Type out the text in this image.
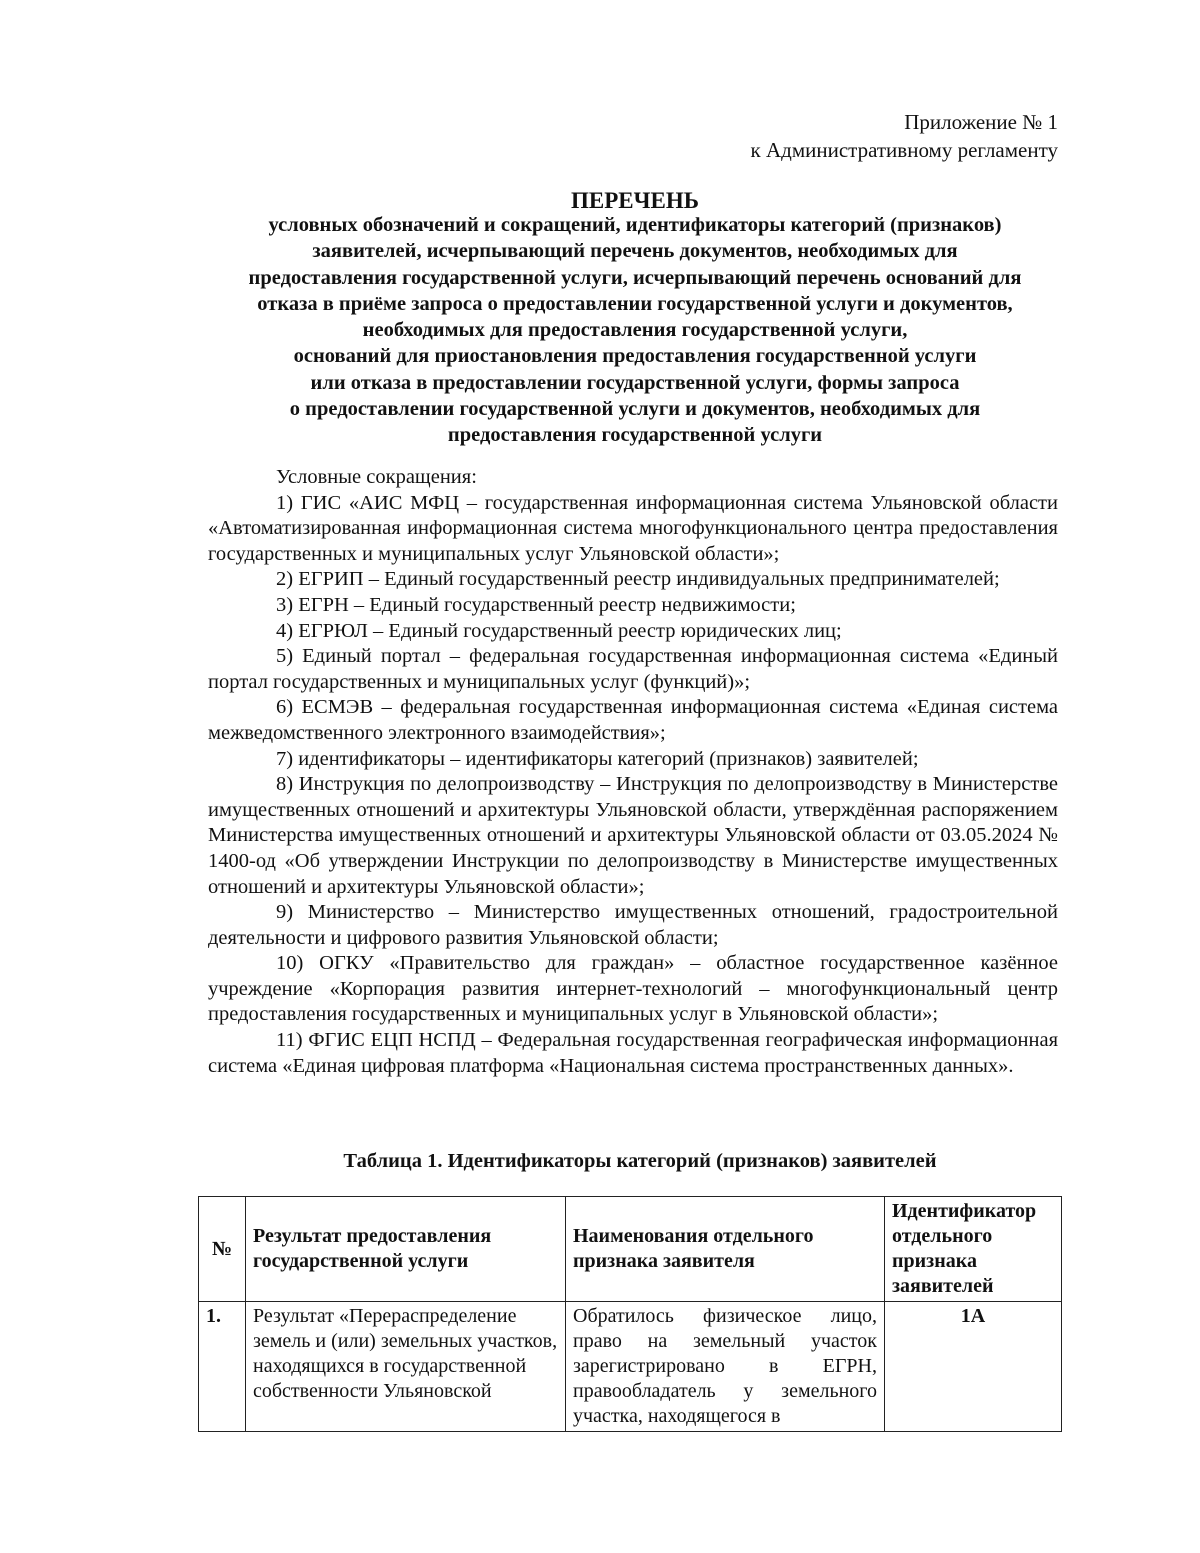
Приложение № 1
к Административному регламенту
ПЕРЕЧЕНЬ
условных обозначений и сокращений, идентификаторы категорий (признаков)
заявителей, исчерпывающий перечень документов, необходимых для
предоставления государственной услуги, исчерпывающий перечень оснований для
отказа в приёме запроса о предоставлении государственной услуги и документов,
необходимых для предоставления государственной услуги,
оснований для приостановления предоставления государственной услуги
или отказа в предоставлении государственной услуги, формы запроса
о предоставлении государственной услуги и документов, необходимых для
предоставления государственной услуги
Условные сокращения:

1) ГИС «АИС МФЦ – государственная информационная система Ульяновской области «Автоматизированная информационная система многофункционального центра предоставления государственных и муниципальных услуг Ульяновской области»;

2) ЕГРИП – Единый государственный реестр индивидуальных предпринимателей;

3) ЕГРН – Единый государственный реестр недвижимости;

4) ЕГРЮЛ – Единый государственный реестр юридических лиц;

5) Единый портал – федеральная государственная информационная система «Единый портал государственных и муниципальных услуг (функций)»;

6) ЕСМЭВ – федеральная государственная информационная система «Единая система межведомственного электронного взаимодействия»;

7) идентификаторы – идентификаторы категорий (признаков) заявителей;

8) Инструкция по делопроизводству – Инструкция по делопроизводству в Министерстве имущественных отношений и архитектуры Ульяновской области, утверждённая распоряжением Министерства имущественных отношений и архитектуры Ульяновской области от 03.05.2024 № 1400-од «Об утверждении Инструкции по делопроизводству в Министерстве имущественных отношений и архитектуры Ульяновской области»;

9) Министерство – Министерство имущественных отношений, градостроительной деятельности и цифрового развития Ульяновской области;

10) ОГКУ «Правительство для граждан» – областное государственное казённое учреждение «Корпорация развития интернет-технологий – многофункциональный центр предоставления государственных и муниципальных услуг в Ульяновской области»;

11) ФГИС ЕЦП НСПД – Федеральная государственная географическая информационная система «Единая цифровая платформа «Национальная система пространственных данных».

Таблица 1. Идентификаторы категорий (признаков) заявителей
№	Результат предоставления государственной услуги	Наименования отдельного признака заявителя	Идентификатор отдельного признака заявителей
1.	Результат «Перераспределение земель и (или) земельных участков, находящихся в государственной собственности Ульяновской	Обратилось физическое лицо, право на земельный участок зарегистрировано в ЕГРН, правообладатель у земельного участка, находящегося в	1А
